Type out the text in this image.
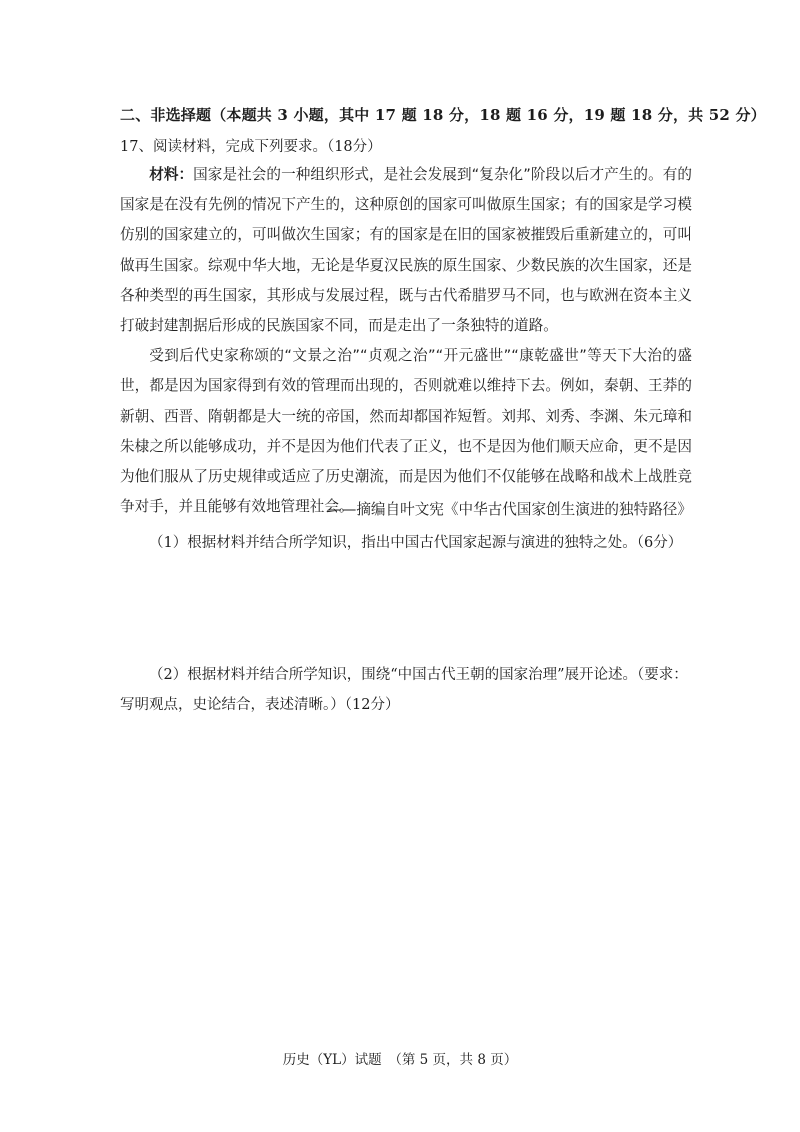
二、非选择题（本题共 3 小题，其中 17 题 18 分，18 题 16 分，19 题 18 分，共 52 分）
17、阅读材料，完成下列要求。（18分）

材料：国家是社会的一种组织形式，是社会发展到“复杂化”阶段以后才产生的。有的国家是在没有先例的情况下产生的，这种原创的国家可叫做原生国家；有的国家是学习模仿别的国家建立的，可叫做次生国家；有的国家是在旧的国家被摧毁后重新建立的，可叫做再生国家。综观中华大地，无论是华夏汉民族的原生国家、少数民族的次生国家，还是各种类型的再生国家，其形成与发展过程，既与古代希腊罗马不同，也与欧洲在资本主义打破封建割据后形成的民族国家不同，而是走出了一条独特的道路。

受到后代史家称颂的“文景之治”“贞观之治”“开元盛世”“康乾盛世”等天下大治的盛世，都是因为国家得到有效的管理而出现的，否则就难以维持下去。例如，秦朝、王莽的新朝、西晋、隋朝都是大一统的帝国，然而却都国祚短暂。刘邦、刘秀、李渊、朱元璋和朱棣之所以能够成功，并不是因为他们代表了正义，也不是因为他们顺天应命，更不是因为他们服从了历史规律或适应了历史潮流，而是因为他们不仅能够在战略和战术上战胜竞争对手，并且能够有效地管理社会。

——摘编自叶文宪《中华古代国家创生演进的独特路径》
（1）根据材料并结合所学知识，指出中国古代国家起源与演进的独特之处。（6分）
（2）根据材料并结合所学知识，围绕“中国古代王朝的国家治理”展开论述。（要求：写明观点，史论结合，表述清晰。）（12分）
历史（YL）试题　（第 5 页，共 8 页）
